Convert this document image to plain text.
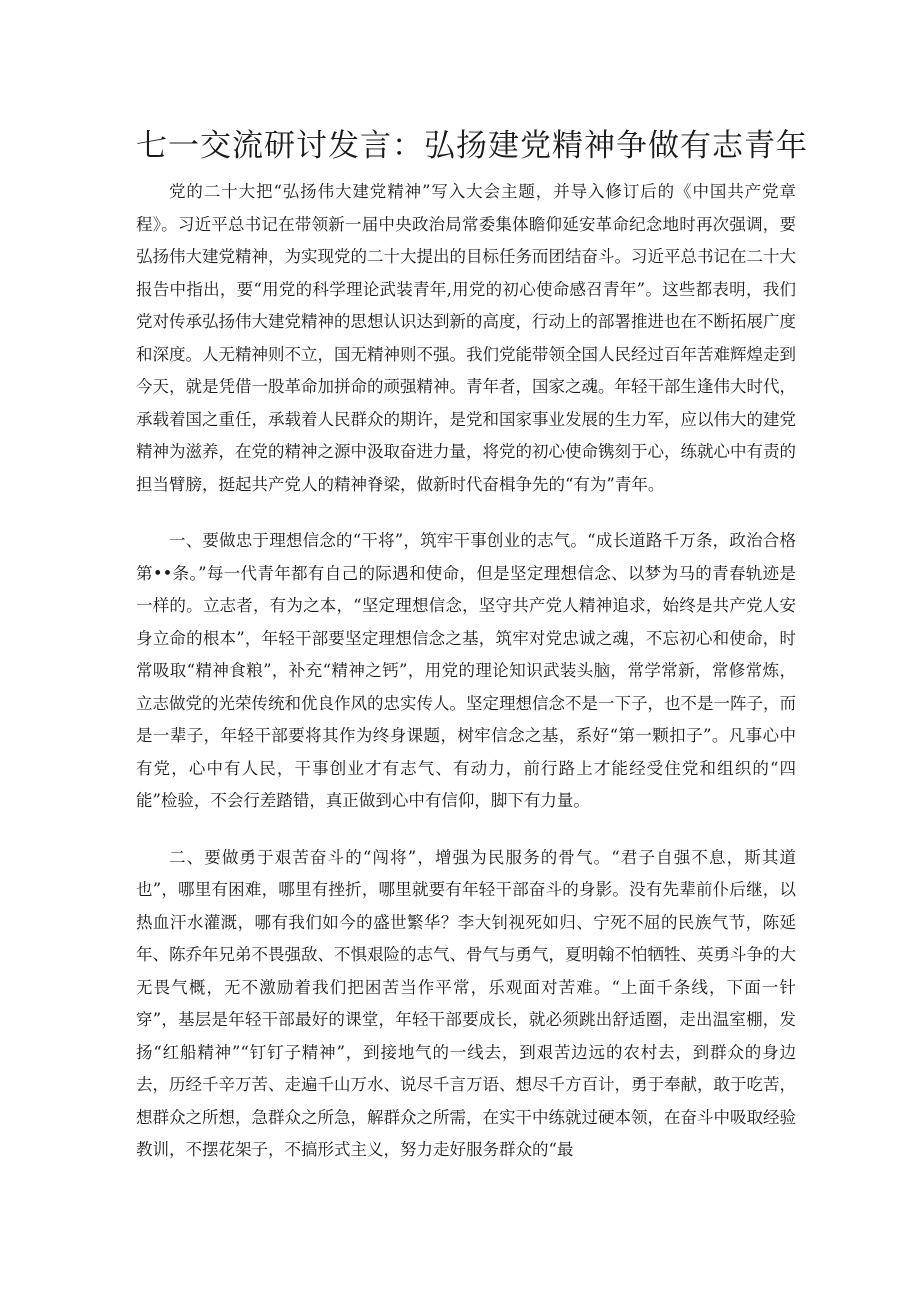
七一交流研讨发言：弘扬建党精神争做有志青年

党的二十大把“弘扬伟大建党精神”写入大会主题，并导入修订后的《中国共产党章程》。习近平总书记在带领新一届中央政治局常委集体瞻仰延安革命纪念地时再次强调，要弘扬伟大建党精神，为实现党的二十大提出的目标任务而团结奋斗。习近平总书记在二十大报告中指出，要“用党的科学理论武装青年,用党的初心使命感召青年”。这些都表明，我们党对传承弘扬伟大建党精神的思想认识达到新的高度，行动上的部署推进也在不断拓展广度和深度。人无精神则不立，国无精神则不强。我们党能带领全国人民经过百年苦难辉煌走到今天，就是凭借一股革命加拼命的顽强精神。青年者，国家之魂。年轻干部生逢伟大时代，承载着国之重任，承载着人民群众的期许，是党和国家事业发展的生力军，应以伟大的建党精神为滋养，在党的精神之源中汲取奋进力量，将党的初心使命镌刻于心，练就心中有责的担当臂膀，挺起共产党人的精神脊梁，做新时代奋楫争先的“有为”青年。

一、要做忠于理想信念的“干将”，筑牢干事创业的志气。“成长道路千万条，政治合格第••条。”每一代青年都有自己的际遇和使命，但是坚定理想信念、以梦为马的青春轨迹是一样的。立志者，有为之本，“坚定理想信念，坚守共产党人精神追求，始终是共产党人安身立命的根本”，年轻干部要坚定理想信念之基，筑牢对党忠诚之魂，不忘初心和使命，时常吸取“精神食粮”，补充“精神之钙”，用党的理论知识武装头脑，常学常新，常修常炼，立志做党的光荣传统和优良作风的忠实传人。坚定理想信念不是一下子，也不是一阵子，而是一辈子，年轻干部要将其作为终身课题，树牢信念之基，系好“第一颗扣子”。凡事心中有党，心中有人民，干事创业才有志气、有动力，前行路上才能经受住党和组织的“四能”检验，不会行差踏错，真正做到心中有信仰，脚下有力量。

二、要做勇于艰苦奋斗的“闯将”，增强为民服务的骨气。“君子自强不息，斯其道也”，哪里有困难，哪里有挫折，哪里就要有年轻干部奋斗的身影。没有先辈前仆后继，以热血汗水灌溉，哪有我们如今的盛世繁华？李大钊视死如归、宁死不屈的民族气节，陈延年、陈乔年兄弟不畏强敌、不惧艰险的志气、骨气与勇气，夏明翰不怕牺牲、英勇斗争的大无畏气概，无不激励着我们把困苦当作平常，乐观面对苦难。“上面千条线，下面一针穿”，基层是年轻干部最好的课堂，年轻干部要成长，就必须跳出舒适圈，走出温室棚，发扬“红船精神”“钉钉子精神”，到接地气的一线去，到艰苦边远的农村去，到群众的身边去，历经千辛万苦、走遍千山万水、说尽千言万语、想尽千方百计，勇于奉献，敢于吃苦，想群众之所想，急群众之所急，解群众之所需，在实干中练就过硬本领，在奋斗中吸取经验教训，不摆花架子，不搞形式主义，努力走好服务群众的“最
